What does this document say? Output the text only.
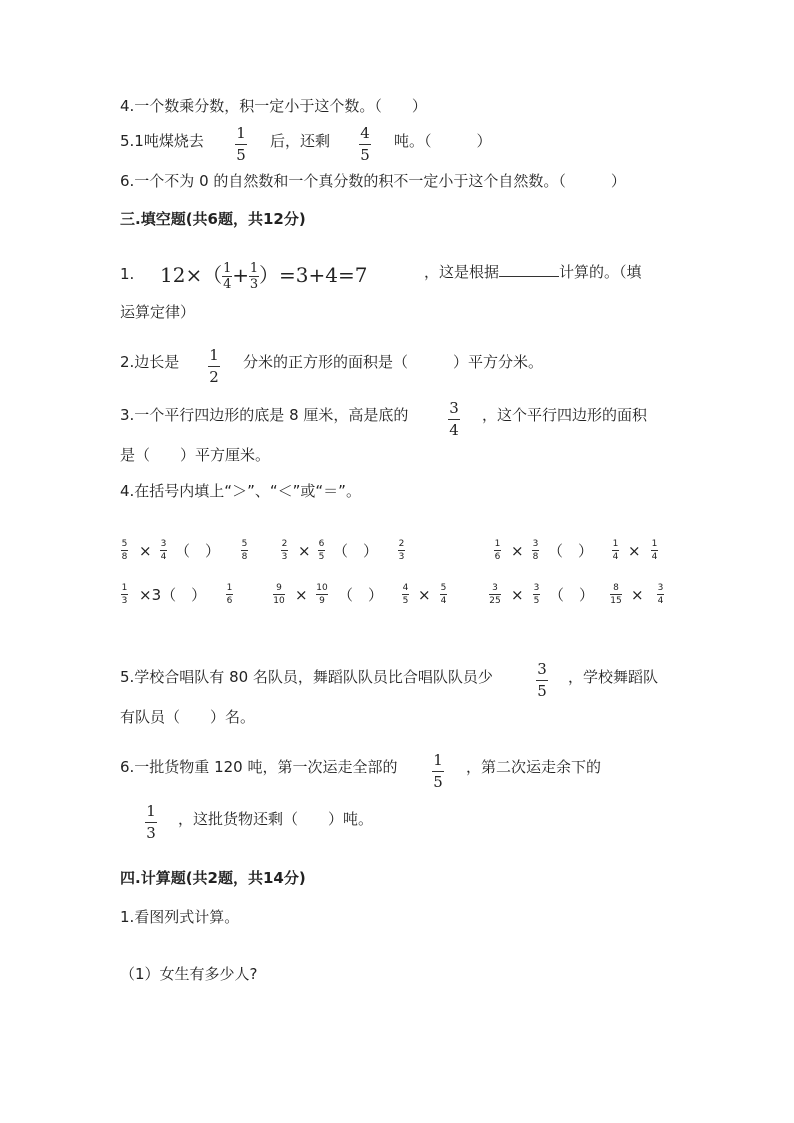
4.一个数乘分数，积一定小于这个数。（　　）
5.1吨煤烧去 1
5
后，还剩 4
5
吨。（　　　）
6.一个不为 0 的自然数和一个真分数的积不一定小于这个自然数。（　　　）
三.填空题(共6题，共12分)
1. $12\times( \frac{1}{4} + \frac{1}{3} )=3+4=7$	，这是根据	计算的。（填
运算定律）
2.边长是 1
2
分米的正方形的面积是（　　　）平方分米。
3.一个平行四边形的底是 8 厘米，高是底的	3
4
，这个平行四边形的面积
是（　　）平方厘米。
4.在括号内填上“＞”、“＜”或“＝”。
5
8 × 3
4 （　） 5
8
2
3 × 6
5 （　） 2
3
1
6 × 3
8 （　） 1
4 × 1
4
1
3 ×3（　） 1
6
9
10 × 10
9 （　） 4
5 × 5
4
3
25 × 3
5 （　） 8
15 × 3
4
5.学校合唱队有 80 名队员，舞蹈队队员比合唱队队员少	3
5
，学校舞蹈队
有队员（　　）名。
6.一批货物重 120 吨，第一次运走全部的 1
5
，第二次运走余下的
1
3
，这批货物还剩（　　）吨。
四.计算题(共2题，共14分)
1.看图列式计算。
（1）女生有多少人?
